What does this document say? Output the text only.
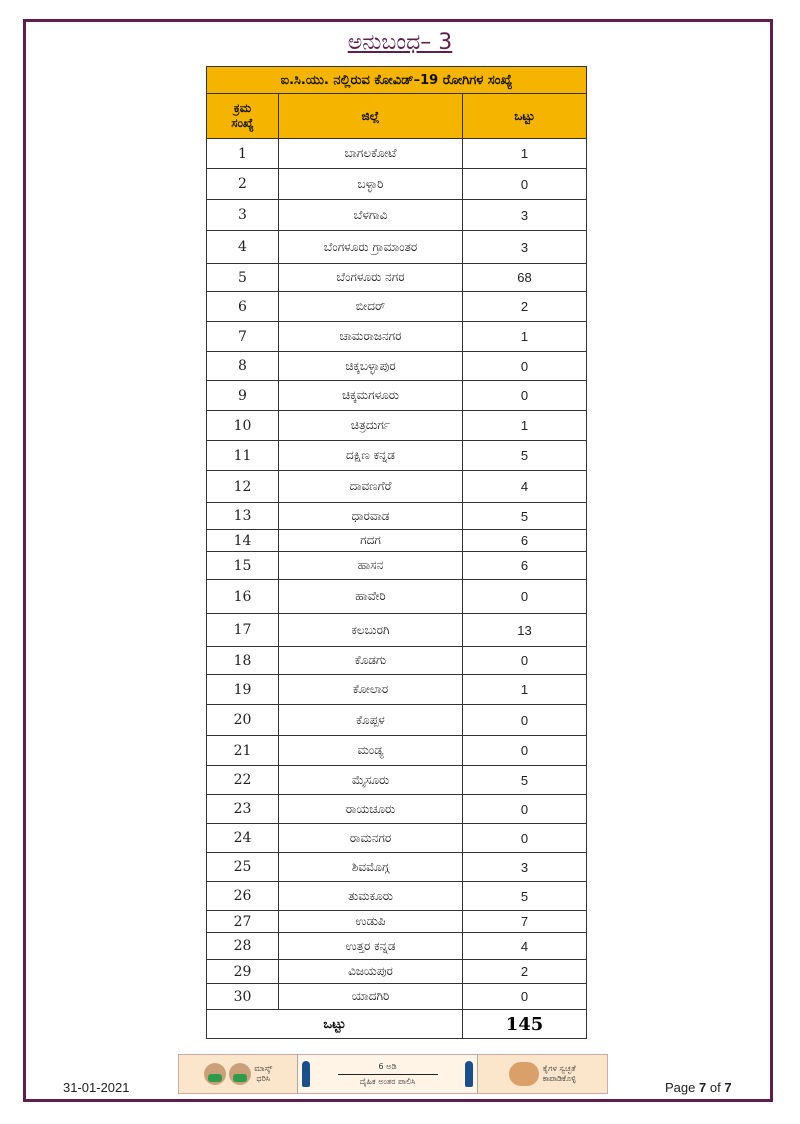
ಅನುಬಂಧ– 3
ಐ.ಸಿ.ಯು. ನಲ್ಲಿರುವ ಕೋವಿಡ್–19 ರೋಗಿಗಳ ಸಂಖ್ಯೆ		

ಕ್ರಮ
ಸಂಖ್ಯೆ	ಜಿಲ್ಲೆ	ಒಟ್ಟು
1	ಬಾಗಲಕೋಟೆ	1
2	ಬಳ್ಳಾರಿ	0
3	ಬೆಳಗಾವಿ	3
4	ಬೆಂಗಳೂರು ಗ್ರಾಮಾಂತರ	3
5	ಬೆಂಗಳೂರು ನಗರ	68
6	ಬೀದರ್	2
7	ಚಾಮರಾಜನಗರ	1
8	ಚಿಕ್ಕಬಳ್ಳಾಪುರ	0
9	ಚಿಕ್ಕಮಗಳೂರು	0
10	ಚಿತ್ರದುರ್ಗ	1
11	ದಕ್ಷಿಣ ಕನ್ನಡ	5
12	ದಾವಣಗೆರೆ	4
13	ಧಾರವಾಡ	5
14	ಗದಗ	6
15	ಹಾಸನ	6
16	ಹಾವೇರಿ	0
17	ಕಲಬುರಗಿ	13
18	ಕೊಡಗು	0
19	ಕೋಲಾರ	1
20	ಕೊಪ್ಪಳ	0
21	ಮಂಡ್ಯ	0
22	ಮೈಸೂರು	5
23	ರಾಯಚೂರು	0
24	ರಾಮನಗರ	0
25	ಶಿವಮೊಗ್ಗ	3
26	ತುಮಕೂರು	5
27	ಉಡುಪಿ	7
28	ಉತ್ತರ ಕನ್ನಡ	4
29	ವಿಜಯಪುರ	2
30	ಯಾದಗಿರಿ	0
ಒಟ್ಟು		145
31-01-2021
ಮಾಸ್ಕ್
ಧರಿಸಿ
6 ಅಡಿ
ದೈಹಿಕ ಅಂತರ ಪಾಲಿಸಿ
ಕೈಗಳ ಸ್ವಚ್ಛತೆ
ಕಾಪಾಡಿಕೊಳ್ಳಿ
Page 7 of 7
